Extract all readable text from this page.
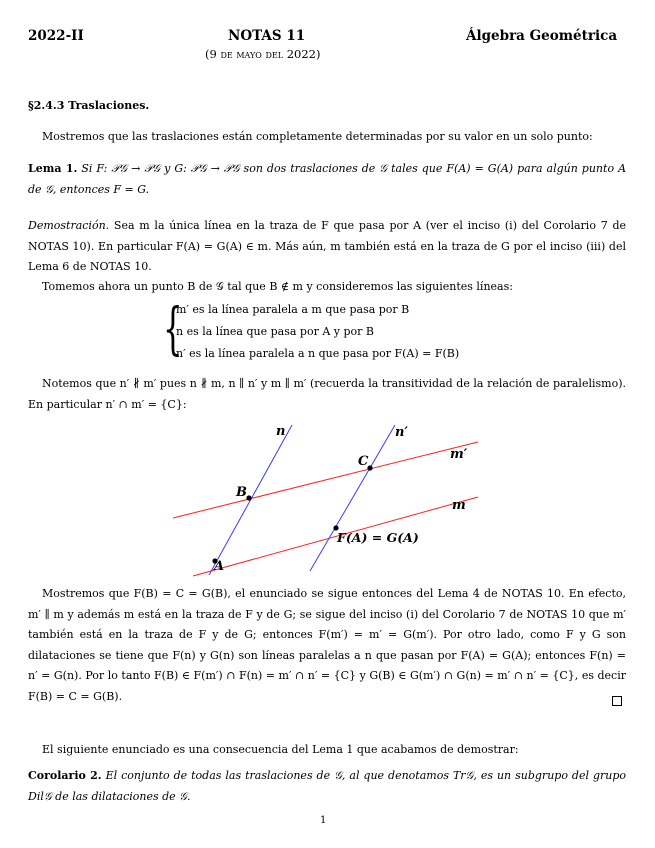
2022-II	NOTAS 11	Álgebra Geométrica
(9 de mayo del 2022)
§2.4.3 Traslaciones.
Mostremos que las traslaciones están completamente determinadas por su valor en un solo punto:
Lema 1. Si F: 𝒫𝒢 → 𝒫𝒢 y G: 𝒫𝒢 → 𝒫𝒢 son dos traslaciones de 𝒢 tales que F(A) = G(A) para algún punto A de 𝒢, entonces F = G.
Demostración. Sea m la única línea en la traza de F que pasa por A (ver el inciso (i) del Corolario 7 de NOTAS 10). En particular F(A) = G(A) ∈ m. Más aún, m también está en la traza de G por el inciso (iii) del Lema 6 de NOTAS 10.
Tomemos ahora un punto B de 𝒢 tal que B ∉ m y consideremos las siguientes líneas:
{
m′ es la línea paralela a m que pasa por B
n es la línea que pasa por A y por B
n′ es la línea paralela a n que pasa por F(A) = F(B)
Notemos que n′ ∦ m′ pues n ∦ m, n ∥ n′ y m ∥ m′ (recuerda la transitividad de la relación de paralelismo). En particular n′ ∩ m′ = {C}:
n	n′
m′
m
C
B
A
F(A) = G(A)
Mostremos que F(B) = C = G(B), el enunciado se sigue entonces del Lema 4 de NOTAS 10. En efecto, m′ ∥ m y además m está en la traza de F y de G; se sigue del inciso (i) del Corolario 7 de NOTAS 10 que m′ también está en la traza de F y de G; entonces F(m′) = m′ = G(m′). Por otro lado, como F y G son dilataciones se tiene que F(n) y G(n) son líneas paralelas a n que pasan por F(A) = G(A); entonces F(n) = n′ = G(n). Por lo tanto F(B) ∈ F(m′) ∩ F(n) = m′ ∩ n′ = {C} y G(B) ∈ G(m′) ∩ G(n) = m′ ∩ n′ = {C}, es decir F(B) = C = G(B).
El siguiente enunciado es una consecuencia del Lema 1 que acabamos de demostrar:
Corolario 2. El conjunto de todas las traslaciones de 𝒢, al que denotamos Tr𝒢, es un subgrupo del grupo Dil𝒢 de las dilataciones de 𝒢.
1
